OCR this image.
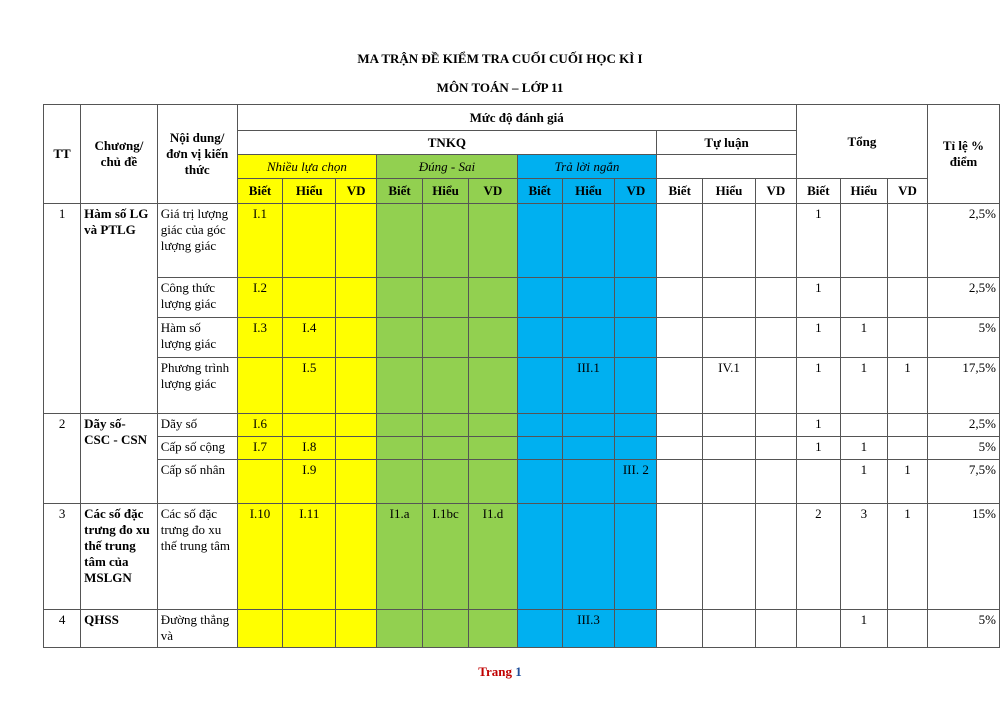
MA TRẬN ĐỀ KIỂM TRA CUỐI CUỐI HỌC KÌ I
MÔN TOÁN – LỚP 11
TT	Chương/ chủ đề	Nội dung/đơn vị kiến thức	Mức độ đánh giá												Tổng			Tỉ lệ % điểm
			TNKQ									Tự luận						
			Nhiều lựa chọn			Đúng - Sai			Trả lời ngắn									
			Biết	Hiểu	VD	Biết	Hiểu	VD	Biết	Hiểu	VD	Biết	Hiểu	VD	Biết	Hiểu	VD	
1	Hàm số LG và PTLG	Giá trị lượng giác của góc lượng giác	I.1												1			2,5%
		Công thức lượng giác	I.2												1			2,5%
		Hàm số lượng giác	I.3	I.4											1	1		5%
		Phương trình lượng giác		I.5						III.1			IV.1		1	1	1	17,5%
2	Dãy số- CSC - CSN	Dãy số	I.6												1			2,5%
		Cấp số cộng	I.7	I.8											1	1		5%
		Cấp số nhân		I.9							III. 2					1	1	7,5%
3	Các số đặc trưng đo xu thế trung tâm của MSLGN	Các số đặc trưng đo xu thế trung tâm	I.10	I.11		I1.a	I.1bc	I1.d							2	3	1	15%
4	QHSS	Đường thẳng và								III.3						1		5%
Trang 1
